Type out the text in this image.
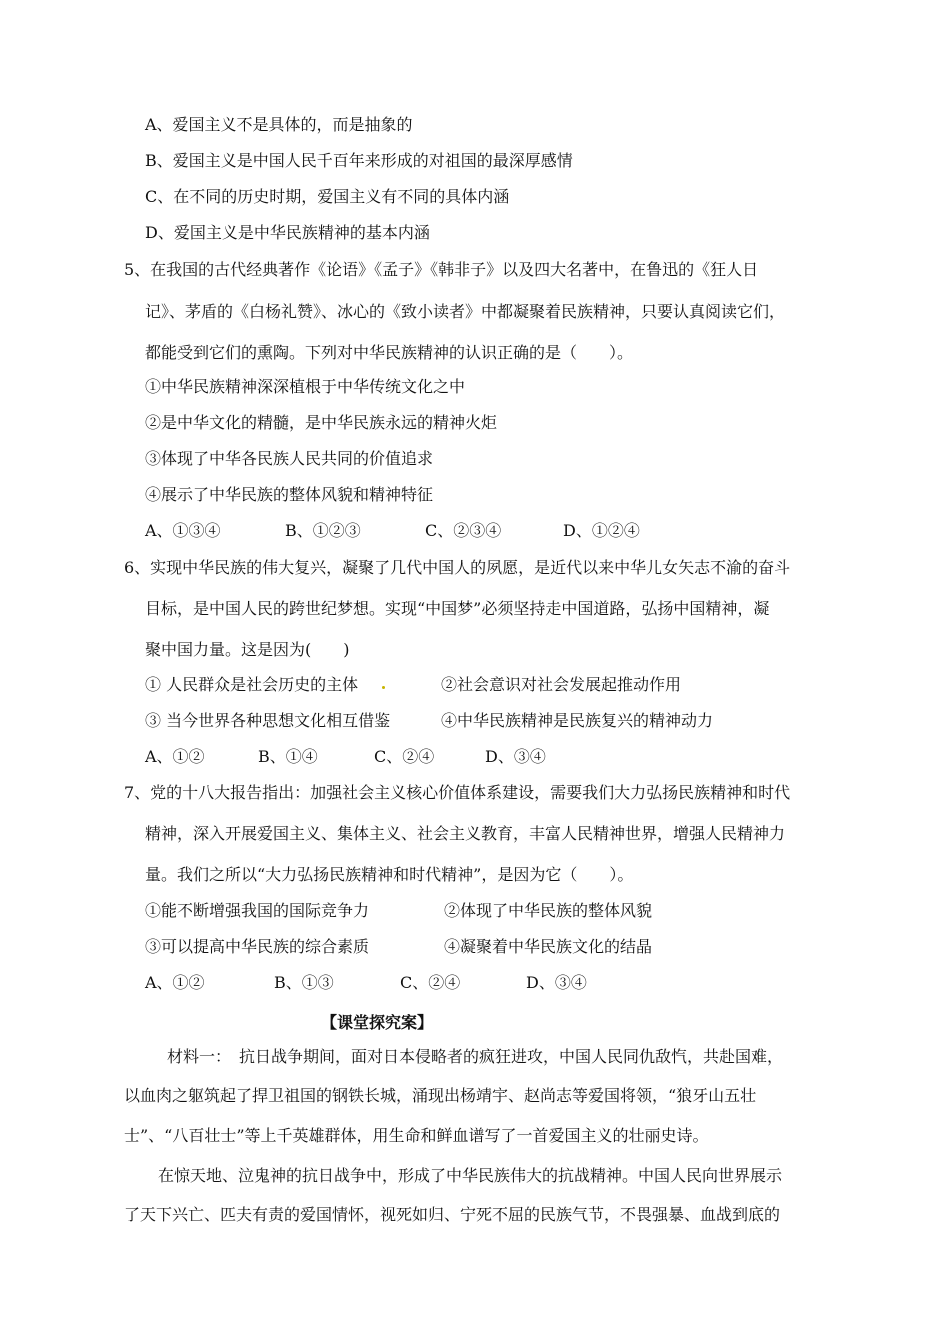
A、爱国主义不是具体的，而是抽象的
B、爱国主义是中国人民千百年来形成的对祖国的最深厚感情
C、在不同的历史时期，爱国主义有不同的具体内涵
D、爱国主义是中华民族精神的基本内涵
5、在我国的古代经典著作《论语》《孟子》《韩非子》以及四大名著中，在鲁迅的《狂人日
记》、茅盾的《白杨礼赞》、冰心的《致小读者》中都凝聚着民族精神，只要认真阅读它们，
都能受到它们的熏陶。下列对中华民族精神的认识正确的是（　　）。
①中华民族精神深深植根于中华传统文化之中
②是中华文化的精髓，是中华民族永远的精神火炬
③体现了中华各民族人民共同的价值追求
④展示了中华民族的整体风貌和精神特征
A、①③④	B、①②③	C、②③④	D、①②④
6、实现中华民族的伟大复兴，凝聚了几代中国人的夙愿，是近代以来中华儿女矢志不渝的奋斗
目标，是中国人民的跨世纪梦想。实现“中国梦”必须坚持走中国道路，弘扬中国精神，凝
聚中国力量。这是因为(　　)
① 人民群众是社会历史的主体	②社会意识对社会发展起推动作用
③ 当今世界各种思想文化相互借鉴	④中华民族精神是民族复兴的精神动力
A、①②	B、①④	C、②④	D、③④
7、党的十八大报告指出：加强社会主义核心价值体系建设，需要我们大力弘扬民族精神和时代
精神，深入开展爱国主义、集体主义、社会主义教育，丰富人民精神世界，增强人民精神力
量。我们之所以“大力弘扬民族精神和时代精神”，是因为它（　　）。
①能不断增强我国的国际竞争力	②体现了中华民族的整体风貌
③可以提高中华民族的综合素质	④凝聚着中华民族文化的结晶
A、①②	B、①③	C、②④	D、③④
【课堂探究案】
材料一：　抗日战争期间，面对日本侵略者的疯狂进攻，中国人民同仇敌忾，共赴国难，
以血肉之躯筑起了捍卫祖国的钢铁长城，涌现出杨靖宇、赵尚志等爱国将领，“狼牙山五壮
士”、“八百壮士”等上千英雄群体，用生命和鲜血谱写了一首爱国主义的壮丽史诗。
在惊天地、泣鬼神的抗日战争中，形成了中华民族伟大的抗战精神。中国人民向世界展示
了天下兴亡、匹夫有责的爱国情怀，视死如归、宁死不屈的民族气节，不畏强暴、血战到底的
